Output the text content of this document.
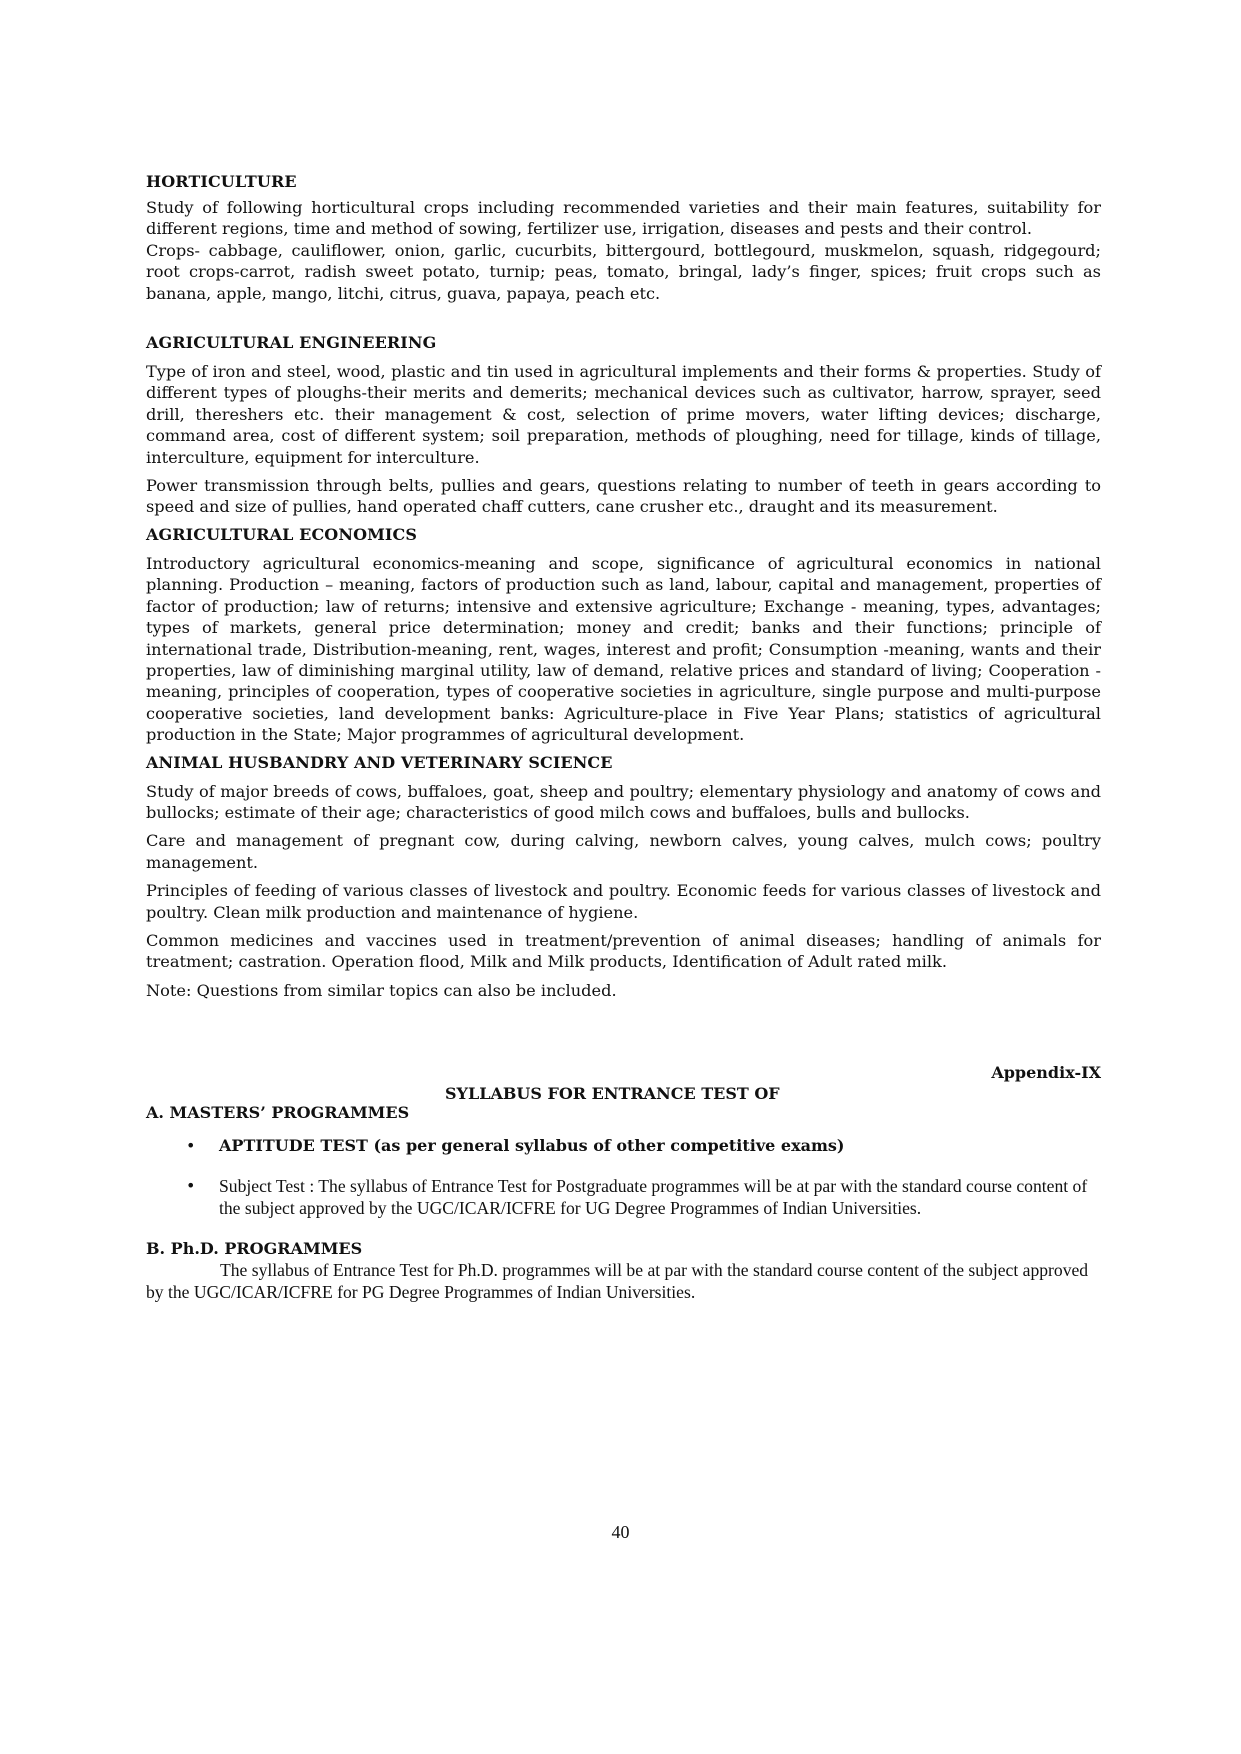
HORTICULTURE

Study of following horticultural crops including recommended varieties and their main features, suitability for different regions, time and method of sowing, fertilizer use, irrigation, diseases and pests and their control.

Crops- cabbage, cauliflower, onion, garlic, cucurbits, bittergourd, bottlegourd, muskmelon, squash, ridgegourd; root crops-carrot, radish sweet potato, turnip; peas, tomato, bringal, lady’s finger, spices; fruit crops such as banana, apple, mango, litchi, citrus, guava, papaya, peach etc.

AGRICULTURAL ENGINEERING

Type of iron and steel, wood, plastic and tin used in agricultural implements and their forms & properties. Study of different types of ploughs-their merits and demerits; mechanical devices such as cultivator, harrow, sprayer, seed drill, thereshers etc. their management & cost, selection of prime movers, water lifting devices; discharge, command area, cost of different system; soil preparation, methods of ploughing, need for tillage, kinds of tillage, interculture, equipment for interculture.

Power transmission through belts, pullies and gears, questions relating to number of teeth in gears according to speed and size of pullies, hand operated chaff cutters, cane crusher etc., draught and its measurement.

AGRICULTURAL ECONOMICS

Introductory agricultural economics-meaning and scope, significance of agricultural economics in national planning. Production – meaning, factors of production such as land, labour, capital and management, properties of factor of production; law of returns; intensive and extensive agriculture; Exchange - meaning, types, advantages; types of markets, general price determination; money and credit; banks and their functions; principle of international trade, Distribution-meaning, rent, wages, interest and profit; Consumption -meaning, wants and their properties, law of diminishing marginal utility, law of demand, relative prices and standard of living; Cooperation - meaning, principles of cooperation, types of cooperative societies in agriculture, single purpose and multi-purpose cooperative societies, land development banks: Agriculture-place in Five Year Plans; statistics of agricultural production in the State; Major programmes of agricultural development.

ANIMAL HUSBANDRY AND VETERINARY SCIENCE

Study of major breeds of cows, buffaloes, goat, sheep and poultry; elementary physiology and anatomy of cows and bullocks; estimate of their age; characteristics of good milch cows and buffaloes, bulls and bullocks.

Care and management of pregnant cow, during calving, newborn calves, young calves, mulch cows; poultry management.

Principles of feeding of various classes of livestock and poultry. Economic feeds for various classes of livestock and poultry. Clean milk production and maintenance of hygiene.

Common medicines and vaccines used in treatment/prevention of animal diseases; handling of animals for treatment; castration. Operation flood, Milk and Milk products, Identification of Adult rated milk.

Note: Questions from similar topics can also be included.

Appendix-IX
SYLLABUS FOR ENTRANCE TEST OF
A. MASTERS’ PROGRAMMES
• APTITUDE TEST (as per general syllabus of other competitive exams)
• Subject Test : The syllabus of Entrance Test for Postgraduate programmes will be at par with the standard course content of the subject approved by the UGC/ICAR/ICFRE for UG Degree Programmes of Indian Universities.
B. Ph.D. PROGRAMMES

The syllabus of Entrance Test for Ph.D. programmes will be at par with the standard course content of the subject approved by the UGC/ICAR/ICFRE for PG Degree Programmes of Indian Universities.

40
